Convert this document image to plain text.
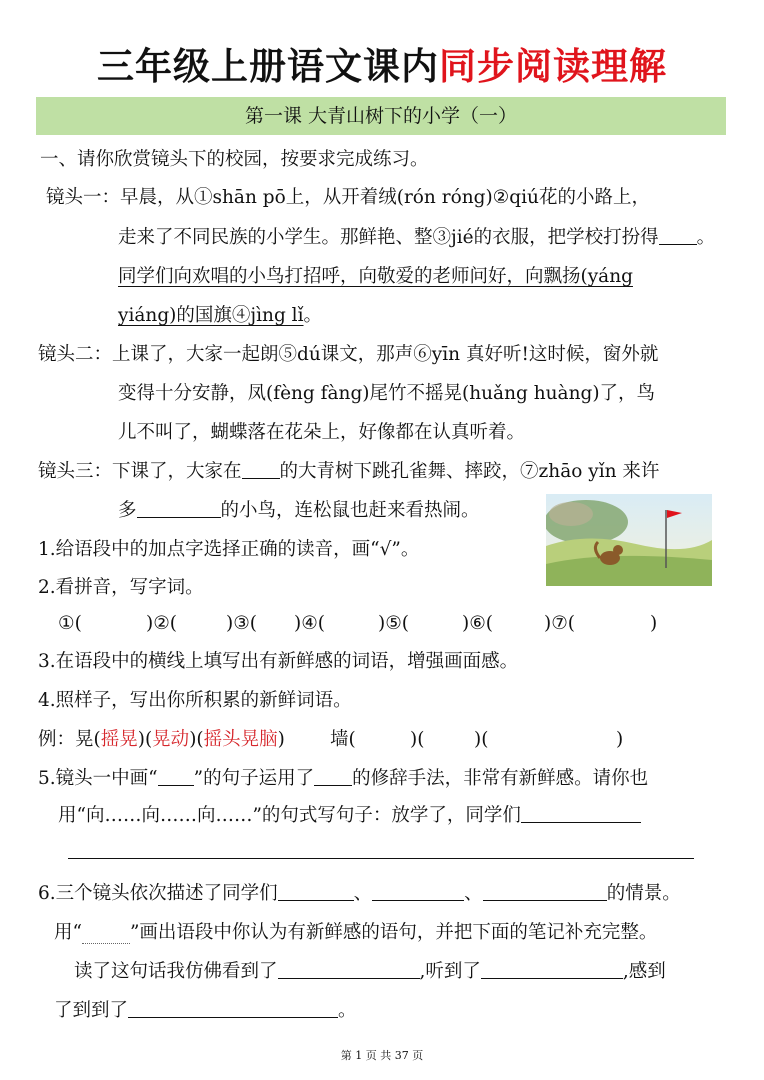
三年级上册语文课内同步阅读理解
第一课 大青山树下的小学（一）
一、请你欣赏镜头下的校园，按要求完成练习。
镜头一：早晨，从①shān pō上，从开着绒(rón róng)②qiú花的小路上，
走来了不同民族的小学生。那鲜艳、整③jié的衣服，把学校打扮得 。
同学们向欢唱的小鸟打招呼，向敬爱的老师问好，向飘扬(yáng
yiáng)的国旗④jìng lǐ。
镜头二：上课了，大家一起朗⑤dú课文，那声⑥yīn 真好听!这时候，窗外就
变得十分安静，凤(fèng fàng)尾竹不摇晃(huǎng huàng)了，鸟
儿不叫了，蝴蝶落在花朵上，好像都在认真听着。
镜头三：下课了，大家在 的大青树下跳孔雀舞、摔跤，⑦zhāo yǐn 来许
多	的小鸟，连松鼠也赶来看热闹。
1.给语段中的加点字选择正确的读音，画“√”。
2.看拼音，写字词。
①(	)②(	)③( )④(	)⑤(	)⑥(	)⑦(	)
3.在语段中的横线上填写出有新鲜感的词语，增强画面感。
4.照样子，写出你所积累的新鲜词语。
例：晃(摇晃)(晃动)(摇头晃脑) 墙(	)(	)(	)
5.镜头一中画“ ”的句子运用了 的修辞手法，非常有新鲜感。请你也
用“向……向……向……”的句式写句子：放学了，同学们
6.三个镜头依次描述了同学们	、	、	的情景。
用“	”画出语段中你认为有新鲜感的语句，并把下面的笔记补充完整。
读了这句话我仿佛看到了	,听到了	,感到
了到到了	。
第 1 页 共 37 页
